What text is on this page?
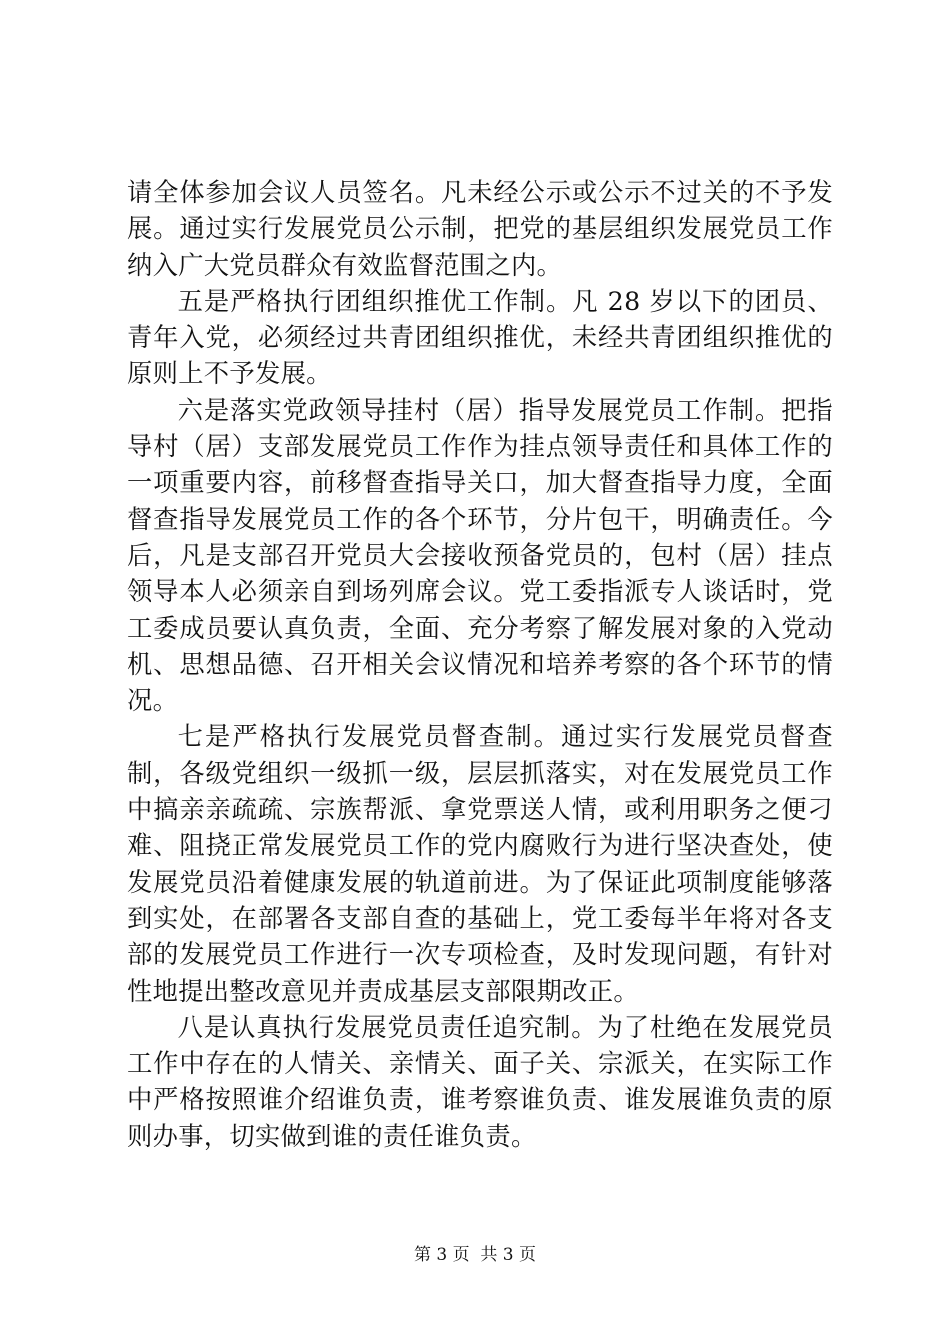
请全体参加会议人员签名。凡未经公示或公示不过关的不予发展。通过实行发展党员公示制，把党的基层组织发展党员工作纳入广大党员群众有效监督范围之内。

五是严格执行团组织推优工作制。凡 28 岁以下的团员、青年入党，必须经过共青团组织推优，未经共青团组织推优的原则上不予发展。

六是落实党政领导挂村（居）指导发展党员工作制。把指导村（居）支部发展党员工作作为挂点领导责任和具体工作的一项重要内容，前移督查指导关口，加大督查指导力度，全面督查指导发展党员工作的各个环节，分片包干，明确责任。今后，凡是支部召开党员大会接收预备党员的，包村（居）挂点领导本人必须亲自到场列席会议。党工委指派专人谈话时，党工委成员要认真负责，全面、充分考察了解发展对象的入党动机、思想品德、召开相关会议情况和培养考察的各个环节的情况。

七是严格执行发展党员督查制。通过实行发展党员督查制，各级党组织一级抓一级，层层抓落实，对在发展党员工作中搞亲亲疏疏、宗族帮派、拿党票送人情，或利用职务之便刁难、阻挠正常发展党员工作的党内腐败行为进行坚决查处，使发展党员沿着健康发展的轨道前进。为了保证此项制度能够落到实处，在部署各支部自查的基础上，党工委每半年将对各支部的发展党员工作进行一次专项检查，及时发现问题，有针对性地提出整改意见并责成基层支部限期改正。

八是认真执行发展党员责任追究制。为了杜绝在发展党员工作中存在的人情关、亲情关、面子关、宗派关，在实际工作中严格按照谁介绍谁负责，谁考察谁负责、谁发展谁负责的原则办事，切实做到谁的责任谁负责。

第 3 页  共 3 页
